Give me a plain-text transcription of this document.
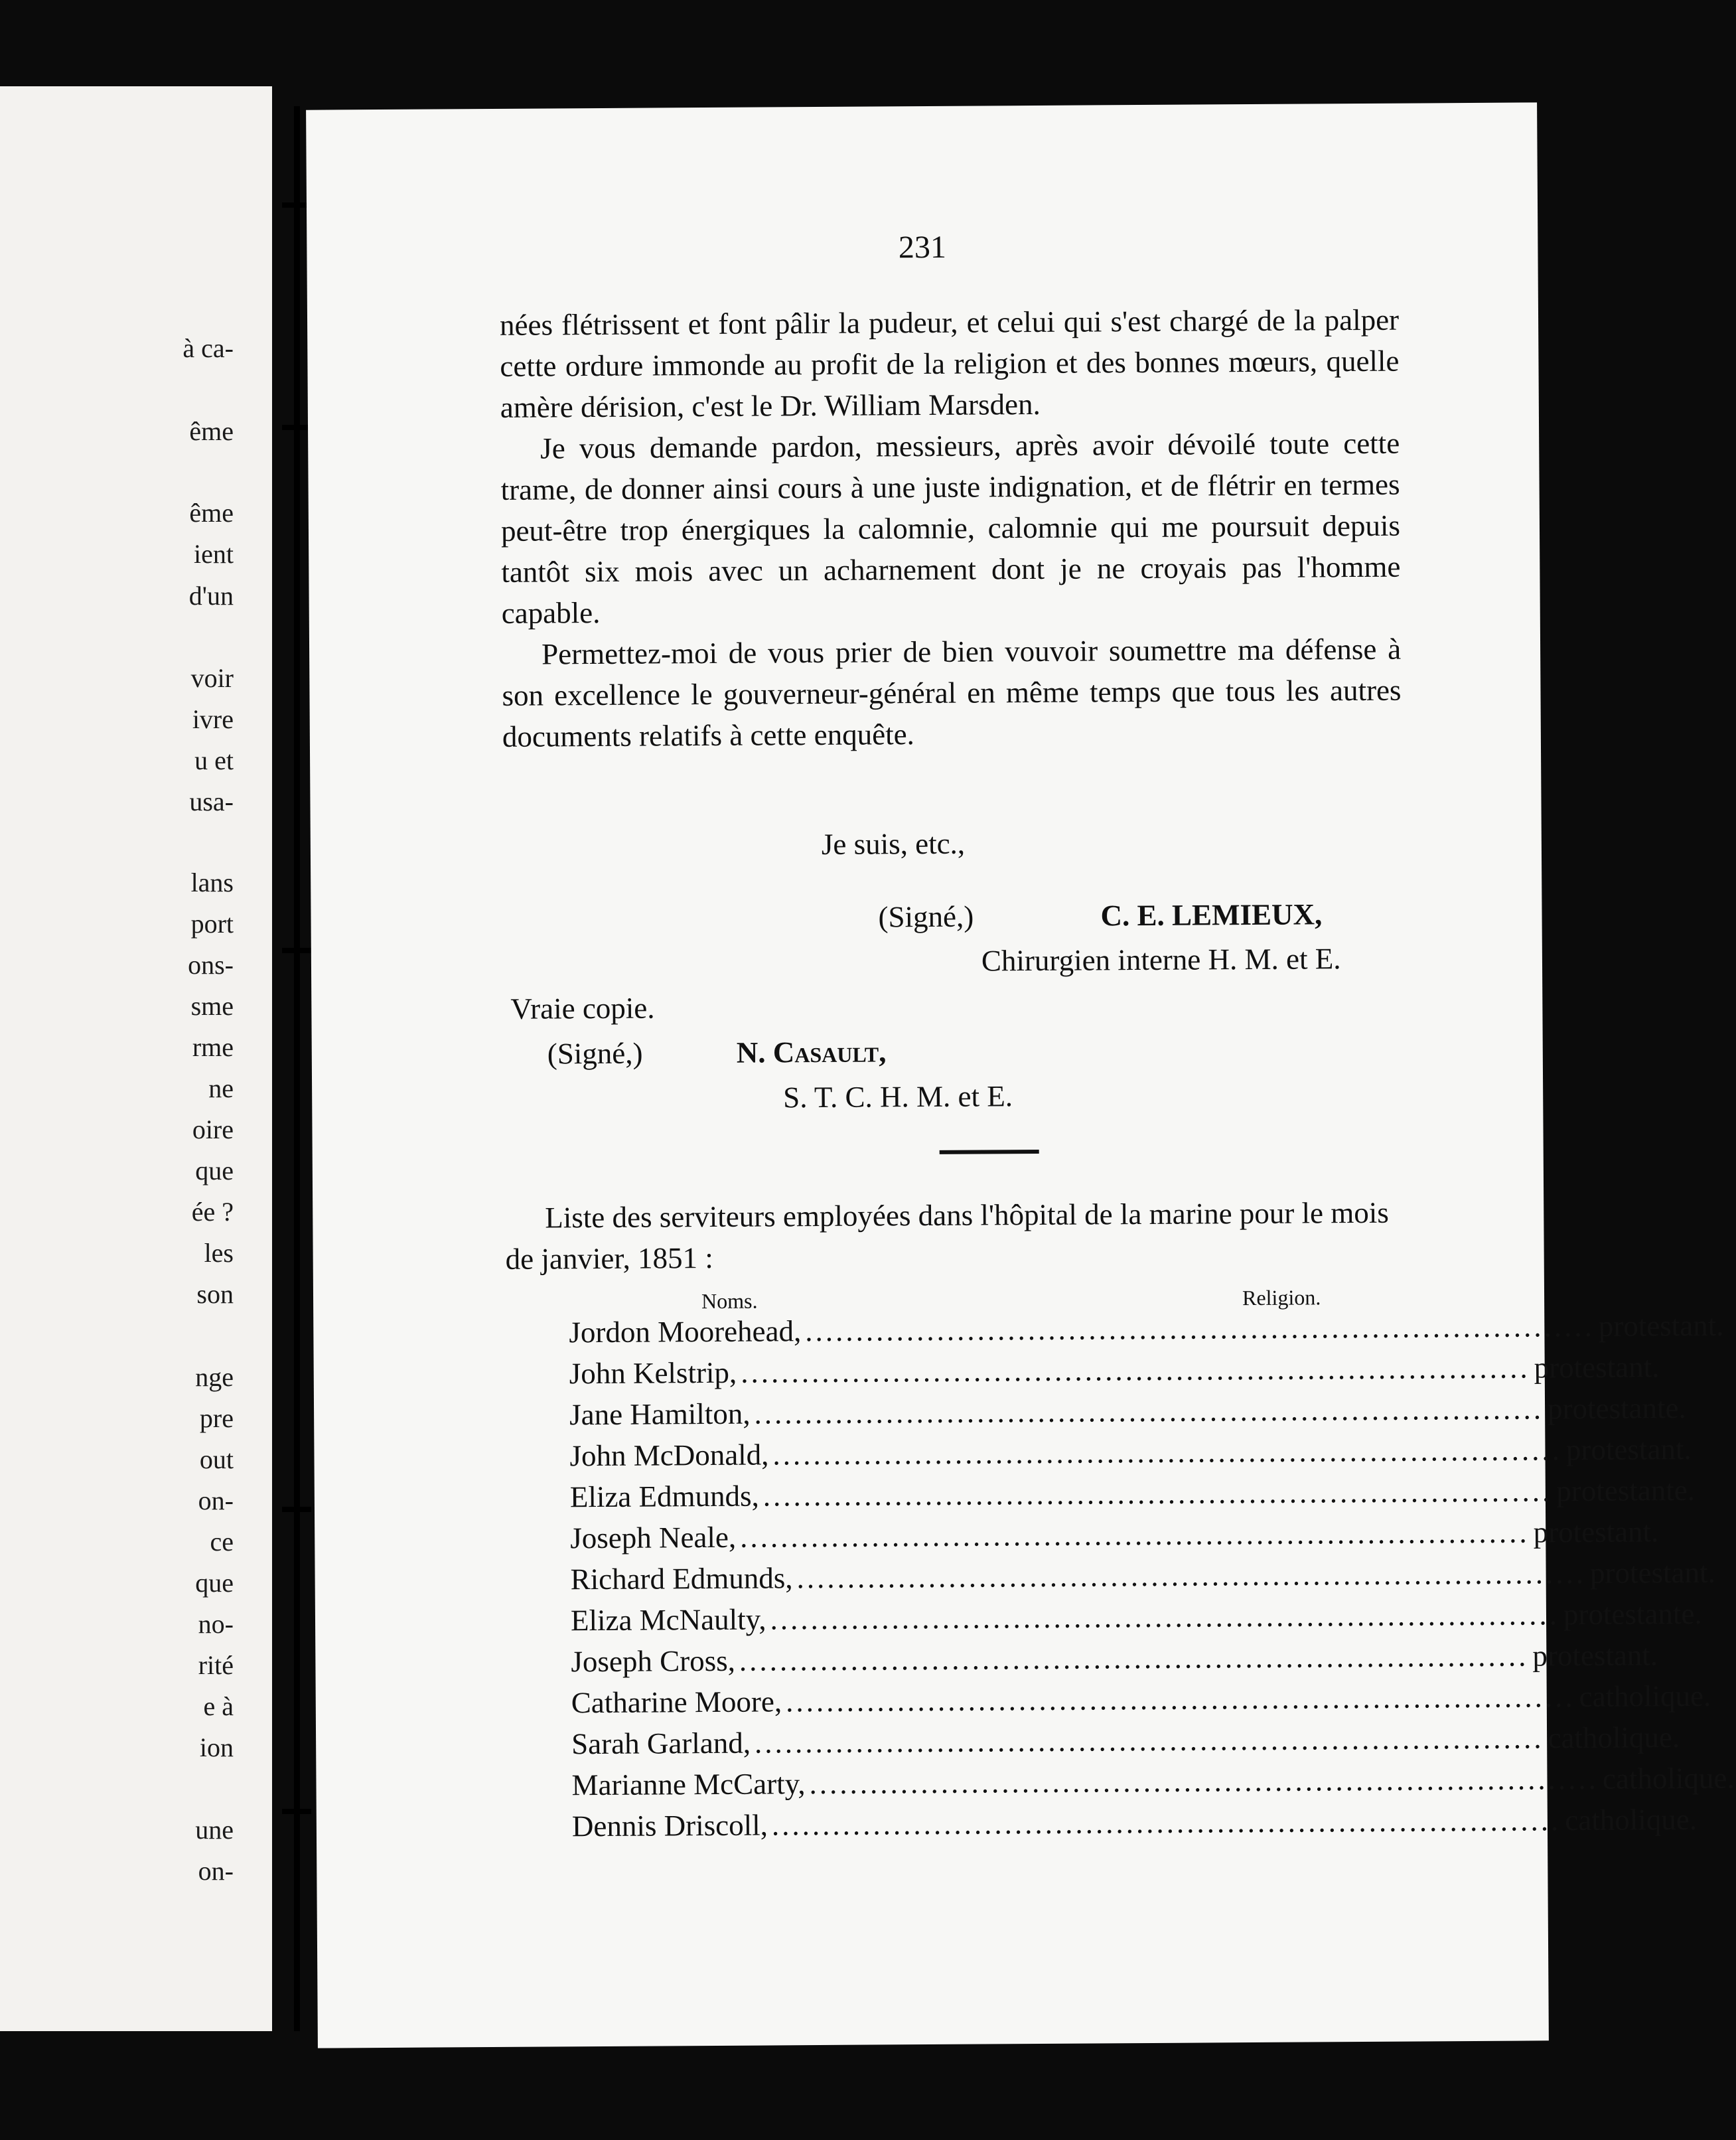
à ca-
ême
ême
ient
d'un
voir
ivre
u et
usa-
lans
port
ons-
sme
rme
ne
oire
que
ée ?
les
son
nge
pre
out
on-
ce
que
no-
rité
e à
ion
une
on-
231

nées flétrissent et font pâlir la pudeur, et celui qui s'est chargé de la palper cette ordure immonde au profit de la religion et des bonnes mœurs, quelle amère dérision, c'est le Dr. William Marsden.

Je vous demande pardon, messieurs, après avoir dévoilé toute cette trame, de donner ainsi cours à une juste indignation, et de flétrir en termes peut-être trop énergiques la calomnie, calomnie qui me poursuit depuis tantôt six mois avec un acharnement dont je ne croyais pas l'homme capable.

Permettez-moi de vous prier de bien vouvoir soumettre ma défense à son excellence le gouverneur-général en même temps que tous les autres documents relatifs à cette enquête.

Je suis, etc.,
(Signé,)	C. E. LEMIEUX,
Chirurgien interne H. M. et E.
Vraie copie.
(Signé,)	N. Casault,
S. T. C. H. M. et E.

Liste des serviteurs employées dans l'hôpital de la marine pour le mois de janvier, 1851 :

Noms.	Religion.
Jordon Moorehead, .............................................................................. protestant.
John Kelstrip, .............................................................................. protestant.
Jane Hamilton, .............................................................................. protestante.
John McDonald, .............................................................................. protestant.
Eliza Edmunds, .............................................................................. protestante.
Joseph Neale, .............................................................................. protestant.
Richard Edmunds, .............................................................................. protestant.
Eliza McNaulty, .............................................................................. protestante.
Joseph Cross, .............................................................................. protestant.
Catharine Moore, .............................................................................. catholique.
Sarah Garland, .............................................................................. catholique.
Marianne McCarty, .............................................................................. catholique.
Dennis Driscoll, .............................................................................. catholique.
